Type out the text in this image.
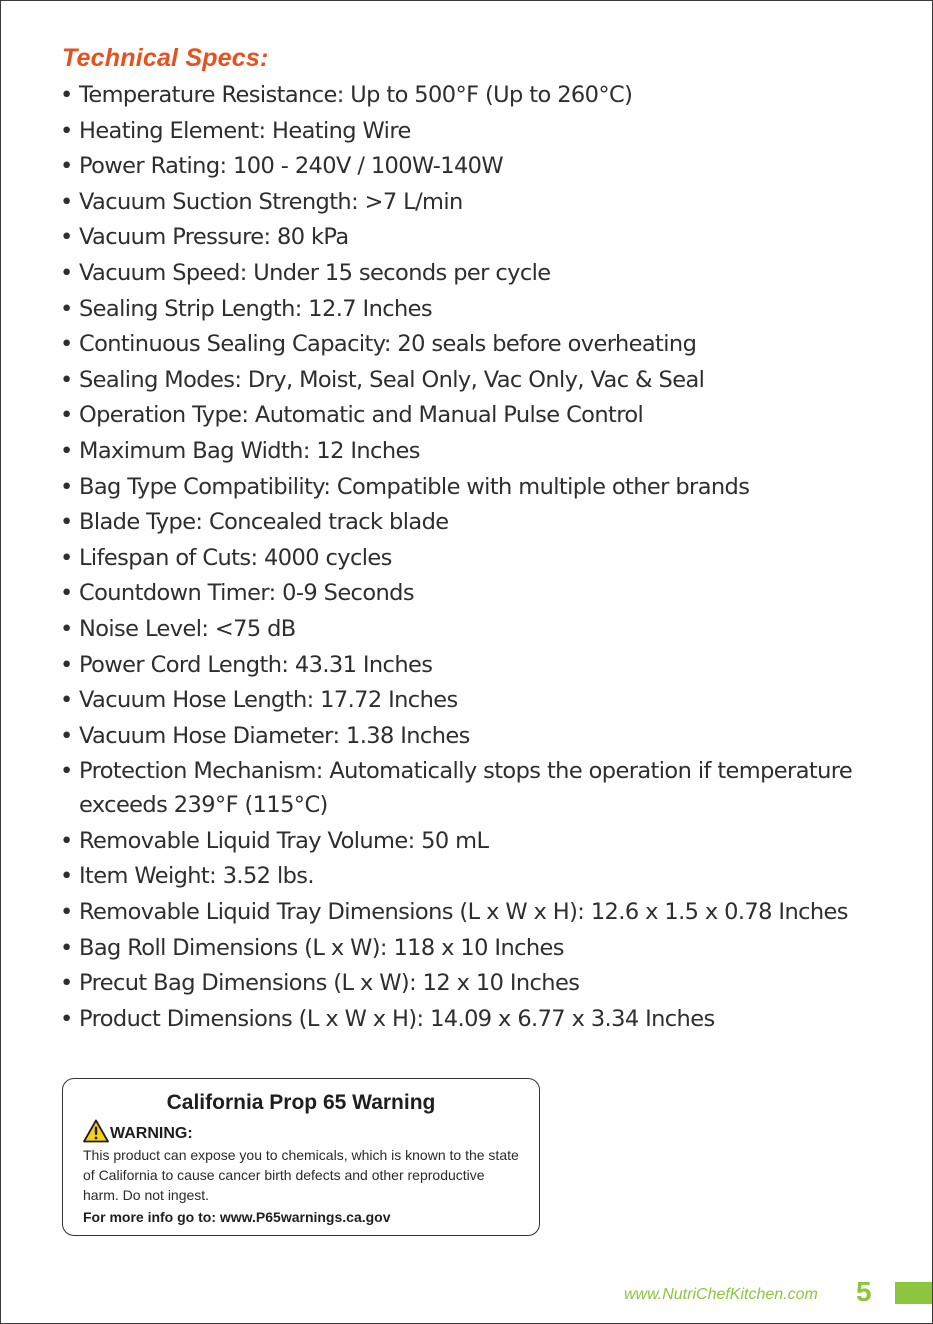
Technical Specs:
• Temperature Resistance: Up to 500°F (Up to 260°C)
• Heating Element: Heating Wire
• Power Rating: 100 - 240V / 100W-140W
• Vacuum Suction Strength: >7 L/min
• Vacuum Pressure: 80 kPa
• Vacuum Speed: Under 15 seconds per cycle
• Sealing Strip Length: 12.7 Inches
• Continuous Sealing Capacity: 20 seals before overheating
• Sealing Modes: Dry, Moist, Seal Only, Vac Only, Vac & Seal
• Operation Type: Automatic and Manual Pulse Control
• Maximum Bag Width: 12 Inches
• Bag Type Compatibility: Compatible with multiple other brands
• Blade Type: Concealed track blade
• Lifespan of Cuts: 4000 cycles
• Countdown Timer: 0-9 Seconds
• Noise Level: <75 dB
• Power Cord Length: 43.31 Inches
• Vacuum Hose Length: 17.72 Inches
• Vacuum Hose Diameter: 1.38 Inches
• Protection Mechanism: Automatically stops the operation if temperature exceeds 239°F (115°C)
• Removable Liquid Tray Volume: 50 mL
• Item Weight: 3.52 lbs.
• Removable Liquid Tray Dimensions (L x W x H): 12.6 x 1.5 x 0.78 Inches
• Bag Roll Dimensions (L x W): 118 x 10 Inches
• Precut Bag Dimensions (L x W): 12 x 10 Inches
• Product Dimensions (L x W x H): 14.09 x 6.77 x 3.34 Inches
California Prop 65 Warning
WARNING:

This product can expose you to chemicals, which is known to the state of California to cause cancer birth defects and other reproductive harm. Do not ingest.

For more info go to: www.P65warnings.ca.gov
www.NutriChefKitchen.com 5
